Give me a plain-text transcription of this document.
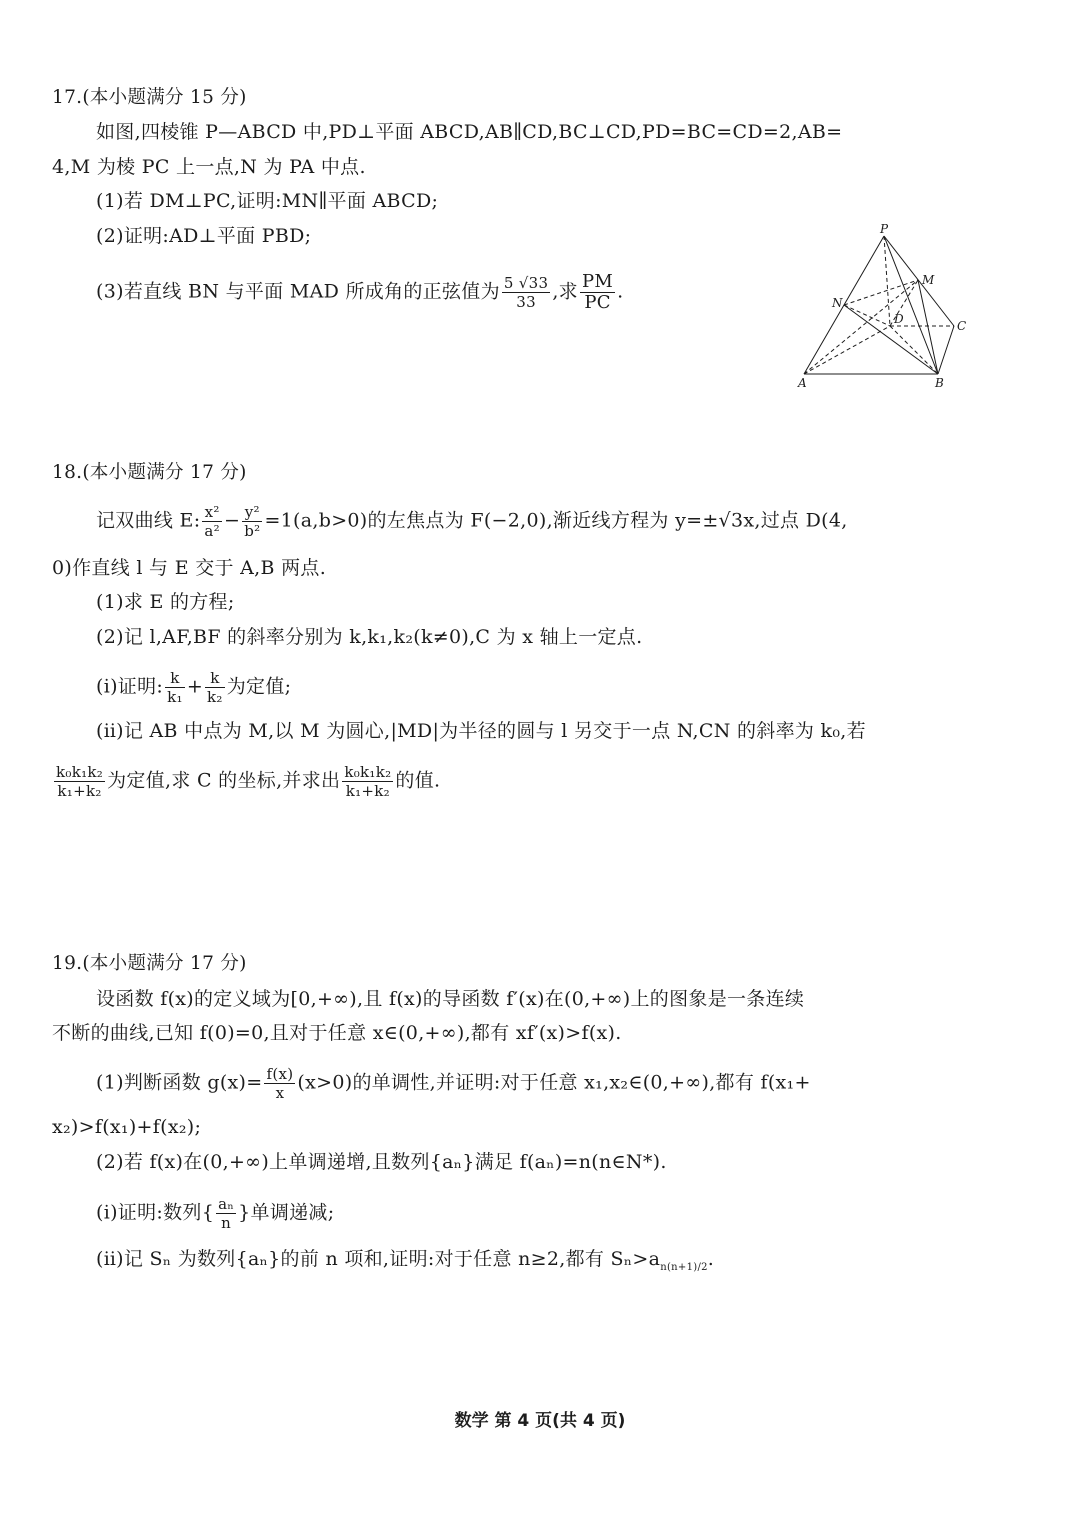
17.(本小题满分 15 分)
如图,四棱锥 P—ABCD 中,PD⊥平面 ABCD,AB∥CD,BC⊥CD,PD=BC=CD=2,AB=
4,M 为棱 PC 上一点,N 为 PA 中点.
(1)若 DM⊥PC,证明:MN∥平面 ABCD;
(2)证明:AD⊥平面 PBD;
(3)若直线 BN 与平面 MAD 所成角的正弦值为 $\frac{5 √33}{33}$ ,求 $\frac{PM}{PC}$ .
P
M
N
D	C
A	B
18.(本小题满分 17 分)
记双曲线 E: $\frac{\text{x²}}{\text{a²}} - \frac{\text{y²}}{\text{b²}} =1(a,b>0)$的左焦点为 F(−2,0),渐近线方程为 y=±√3x,过点 D(4,
0)作直线 l 与 E 交于 A,B 两点.
(1)求 E 的方程;
(2)记 l,AF,BF 的斜率分别为 k,k₁,k₂(k≠0),C 为 x 轴上一定点.
(ⅰ)证明: $\frac{k}{\text{k₁}} + \frac{k}{\text{k₂}}$ 为定值;
(ⅱ)记 AB 中点为 M,以 M 为圆心,|MD|为半径的圆与 l 另交于一点 N,CN 的斜率为 k₀,若
$\frac{\text{k₀k₁k₂}}{\text{k₁+k₂}}$ 为定值,求 C 的坐标,并求出 $\frac{\text{k₀k₁k₂}}{\text{k₁+k₂}}$ 的值.
19.(本小题满分 17 分)
设函数 f(x)的定义域为[0,+∞),且 f(x)的导函数 f′(x)在(0,+∞)上的图象是一条连续
不断的曲线,已知 f(0)=0,且对于任意 x∈(0,+∞),都有 xf′(x)>f(x).
(1)判断函数 $g(x)= \frac{f(x)}{x} (x>0)$的单调性,并证明:对于任意 x₁,x₂∈(0,+∞),都有 f(x₁+
x₂)>f(x₁)+f(x₂);
(2)若 f(x)在(0,+∞)上单调递增,且数列{aₙ}满足 f(aₙ)=n(n∈N*).
(ⅰ)证明:数列{ $\frac{\text{aₙ}}{n}$ }单调递减;
(ⅱ)记 Sₙ 为数列{aₙ}的前 n 项和,证明:对于任意 n≥2,都有 $S_n>a_{n(n+1)/2}$.
数学 第 4 页(共 4 页)
